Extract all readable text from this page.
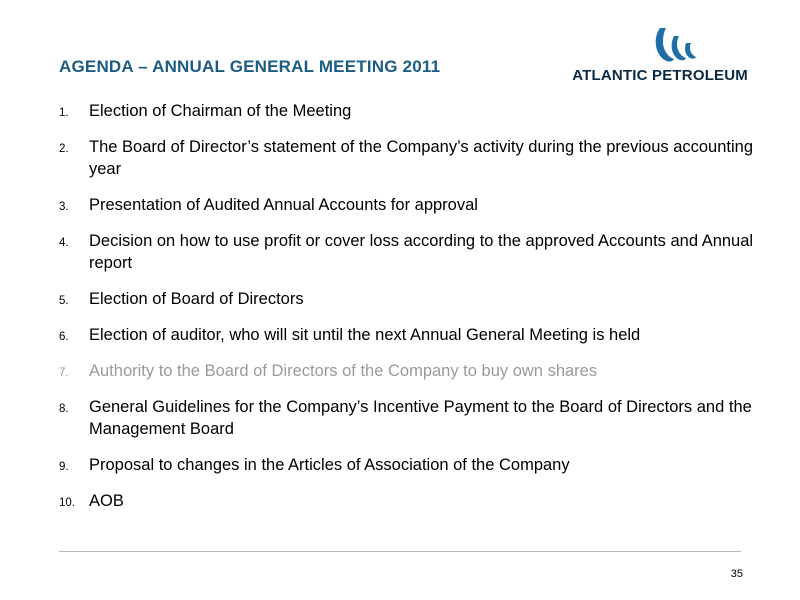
AGENDA – ANNUAL GENERAL MEETING 2011	ATLANTIC PETROLEUM
1. Election of Chairman of the Meeting
2. The Board of Director’s statement of the Company’s activity during the previous accounting year
3. Presentation of Audited Annual Accounts for approval
4. Decision on how to use profit or cover loss according to the approved Accounts and Annual report
5. Election of Board of Directors
6. Election of auditor, who will sit until the next Annual General Meeting is held
7. Authority to the Board of Directors of the Company to buy own shares
8. General Guidelines for the Company’s Incentive Payment to the Board of Directors and the Management Board
9. Proposal to changes in the Articles of Association of the Company
10. AOB
35
